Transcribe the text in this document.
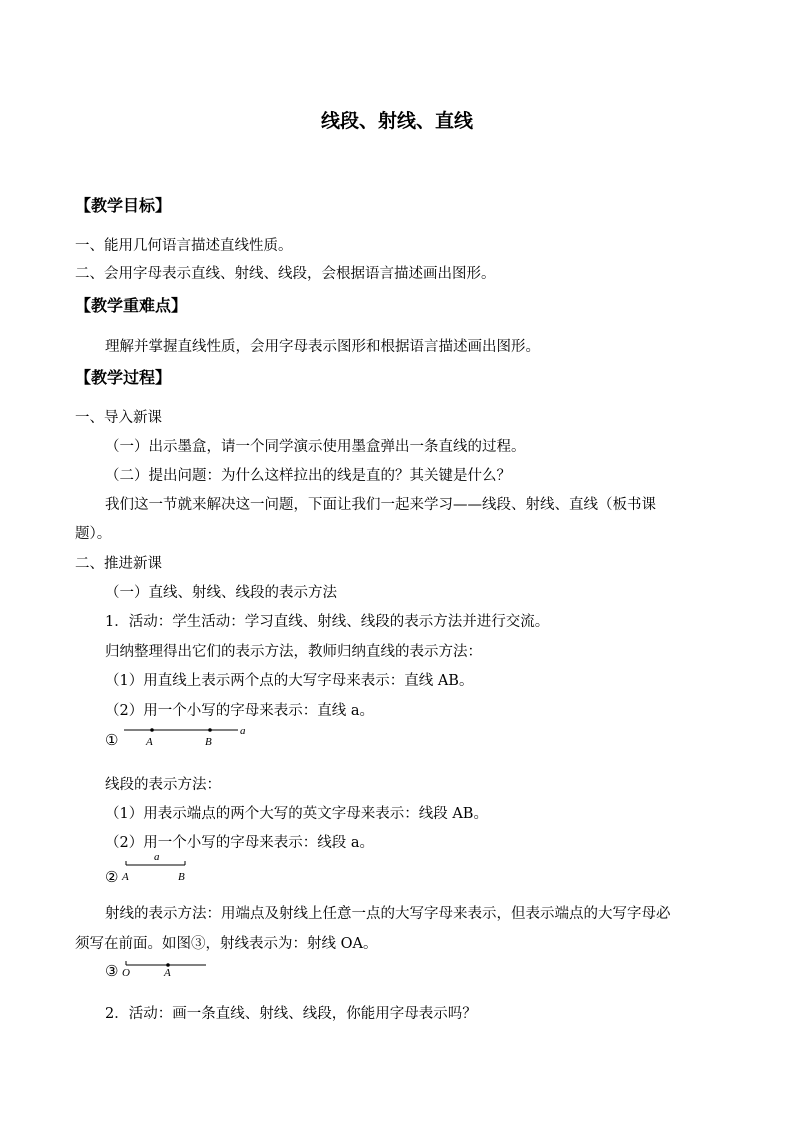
线段、射线、直线
【教学目标】
一、能用几何语言描述直线性质。
二、会用字母表示直线、射线、线段，会根据语言描述画出图形。
【教学重难点】
理解并掌握直线性质，会用字母表示图形和根据语言描述画出图形。
【教学过程】
一、导入新课
（一）出示墨盒，请一个同学演示使用墨盒弹出一条直线的过程。
（二）提出问题：为什么这样拉出的线是直的？其关键是什么？
我们这一节就来解决这一问题，下面让我们一起来学习——线段、射线、直线（板书课
题）。
二、推进新课
（一）直线、射线、线段的表示方法
1．活动：学生活动：学习直线、射线、线段的表示方法并进行交流。
归纳整理得出它们的表示方法，教师归纳直线的表示方法：
（1）用直线上表示两个点的大写字母来表示：直线 AB。
（2）用一个小写的字母来表示：直线 a。
①	A	B
a
线段的表示方法：
（1）用表示端点的两个大写的英文字母来表示：线段 AB。
（2）用一个小写的字母来表示：线段 a。
②
a
A	B
射线的表示方法：用端点及射线上任意一点的大写字母来表示，但表示端点的大写字母必
须写在前面。如图③，射线表示为：射线 OA。
③ O	A
2．活动：画一条直线、射线、线段，你能用字母表示吗？
